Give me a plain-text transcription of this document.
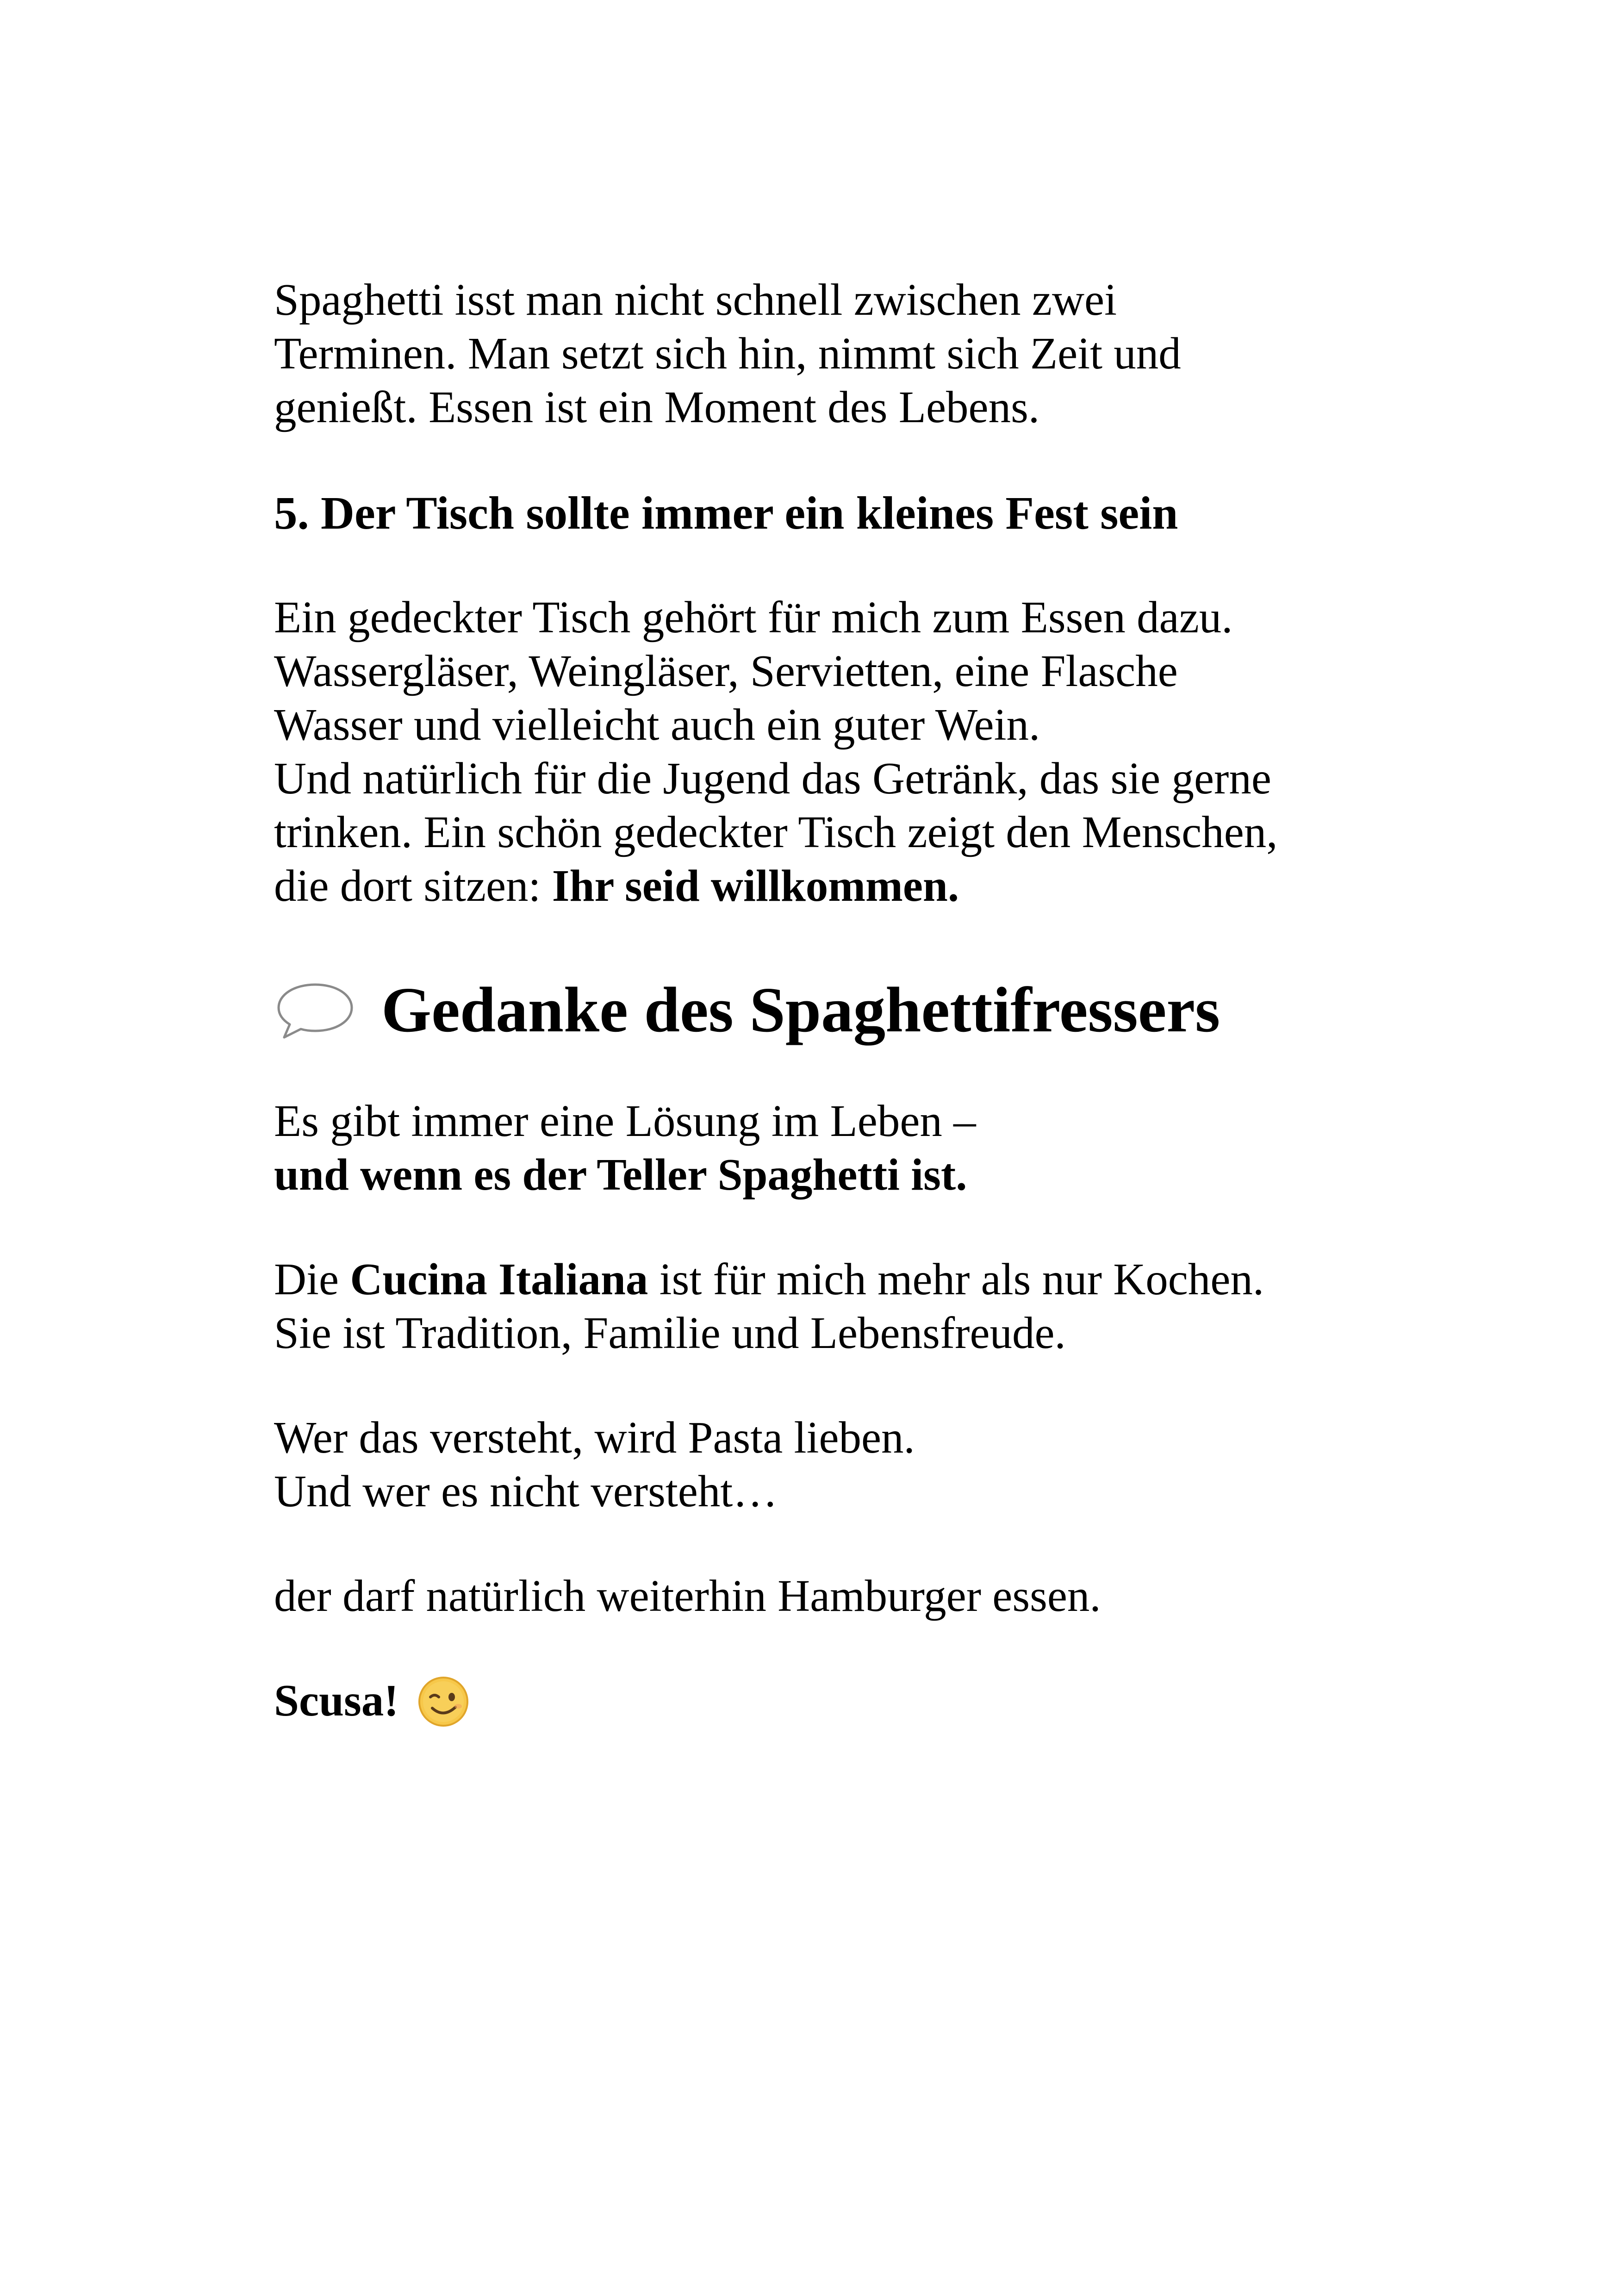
Spaghetti isst man nicht schnell zwischen zwei

Terminen. Man setzt sich hin, nimmt sich Zeit und

genießt. Essen ist ein Moment des Lebens.

5. Der Tisch sollte immer ein kleines Fest sein

Ein gedeckter Tisch gehört für mich zum Essen dazu.

Wassergläser, Weingläser, Servietten, eine Flasche

Wasser und vielleicht auch ein guter Wein.

Und natürlich für die Jugend das Getränk, das sie gerne

trinken. Ein schön gedeckter Tisch zeigt den Menschen,

die dort sitzen: Ihr seid willkommen.

Gedanke des Spaghettifressers

Es gibt immer eine Lösung im Leben –

und wenn es der Teller Spaghetti ist.

Die Cucina Italiana ist für mich mehr als nur Kochen.

Sie ist Tradition, Familie und Lebensfreude.

Wer das versteht, wird Pasta lieben.

Und wer es nicht versteht…

der darf natürlich weiterhin Hamburger essen.

Scusa!
